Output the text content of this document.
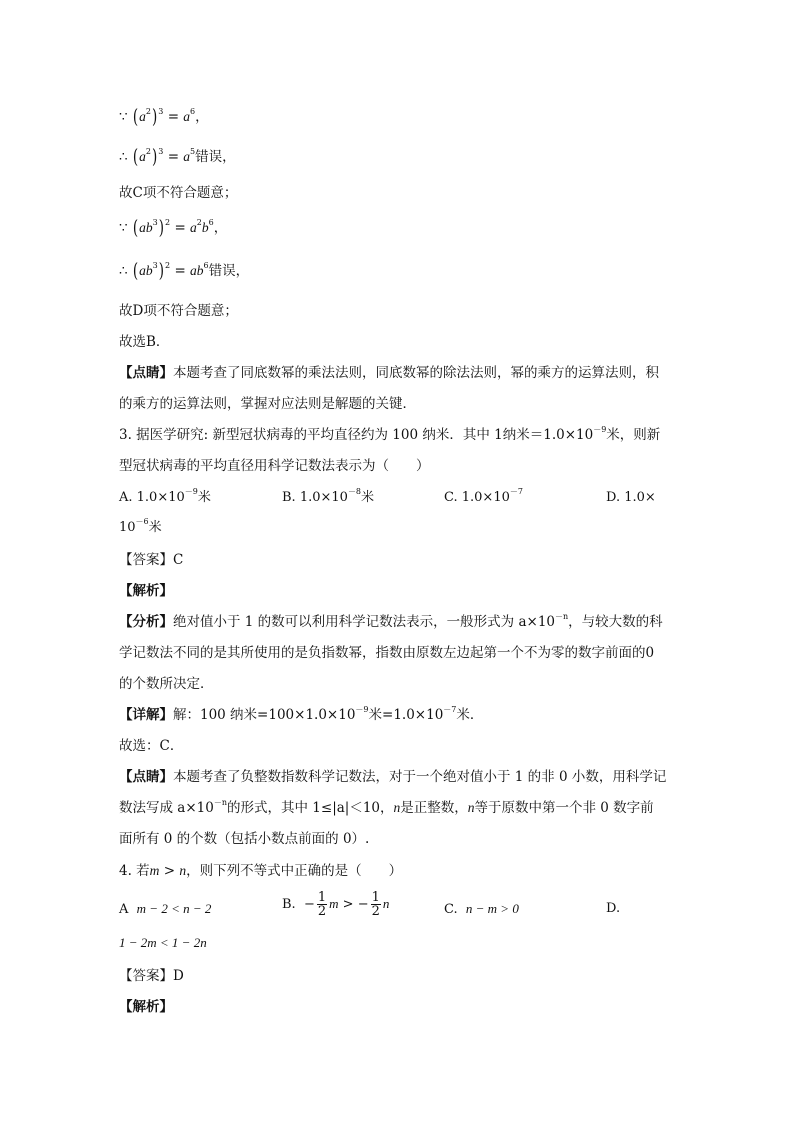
∵ $(a^2)^3 = a^6$，
∴ $(a^2)^3 = a^5$错误，
故C项不符合题意；
∵ $(ab^3)^2 = a^2b^6$，
∴ $(ab^3)^2 = ab^6$错误，
故D项不符合题意；
故选B．
【点睛】本题考查了同底数幂的乘法法则，同底数幂的除法法则，幂的乘方的运算法则，积
的乘方的运算法则，掌握对应法则是解题的关键．
3. 据医学研究: 新型冠状病毒的平均直径约为 100 纳米．其中 1纳米$=1.0\times 10^{-9}$米，则新
型冠状病毒的平均直径用科学记数法表示为（　　）
A. $1.0\times 10^{-9}$米	B. $1.0\times 10^{-8}$米	C. $1.0\times 10^{-7}$	D. 1.0×
$10^{-6}$米
【答案】C
【解析】
【分析】绝对值小于 1 的数可以利用科学记数法表示，一般形式为 $a\times 10^{-n}$，与较大数的科
学记数法不同的是其所使用的是负指数幂，指数由原数左边起第一个不为零的数字前面的0
的个数所决定．
【详解】解：100 纳米$=100\times 1.0\times 10^{-9}$米$=1.0\times 10^{-7}$米．
故选：C．
【点睛】本题考查了负整数指数科学记数法，对于一个绝对值小于 1 的非 0 小数，用科学记
数法写成 $a\times 10^{-n}$的形式，其中 1≤|a|＜10，n是正整数，n等于原数中第一个非 0 数字前
面所有 0 的个数（包括小数点前面的 0）.
4. 若m > n，则下列不等式中正确的是（　　）
A m − 2 < n − 2	B. − $\frac{1}{2}$ m > − $\frac{1}{2}$ n	C. n − m > 0	D.
1 − 2m < 1 − 2n
【答案】D
【解析】
